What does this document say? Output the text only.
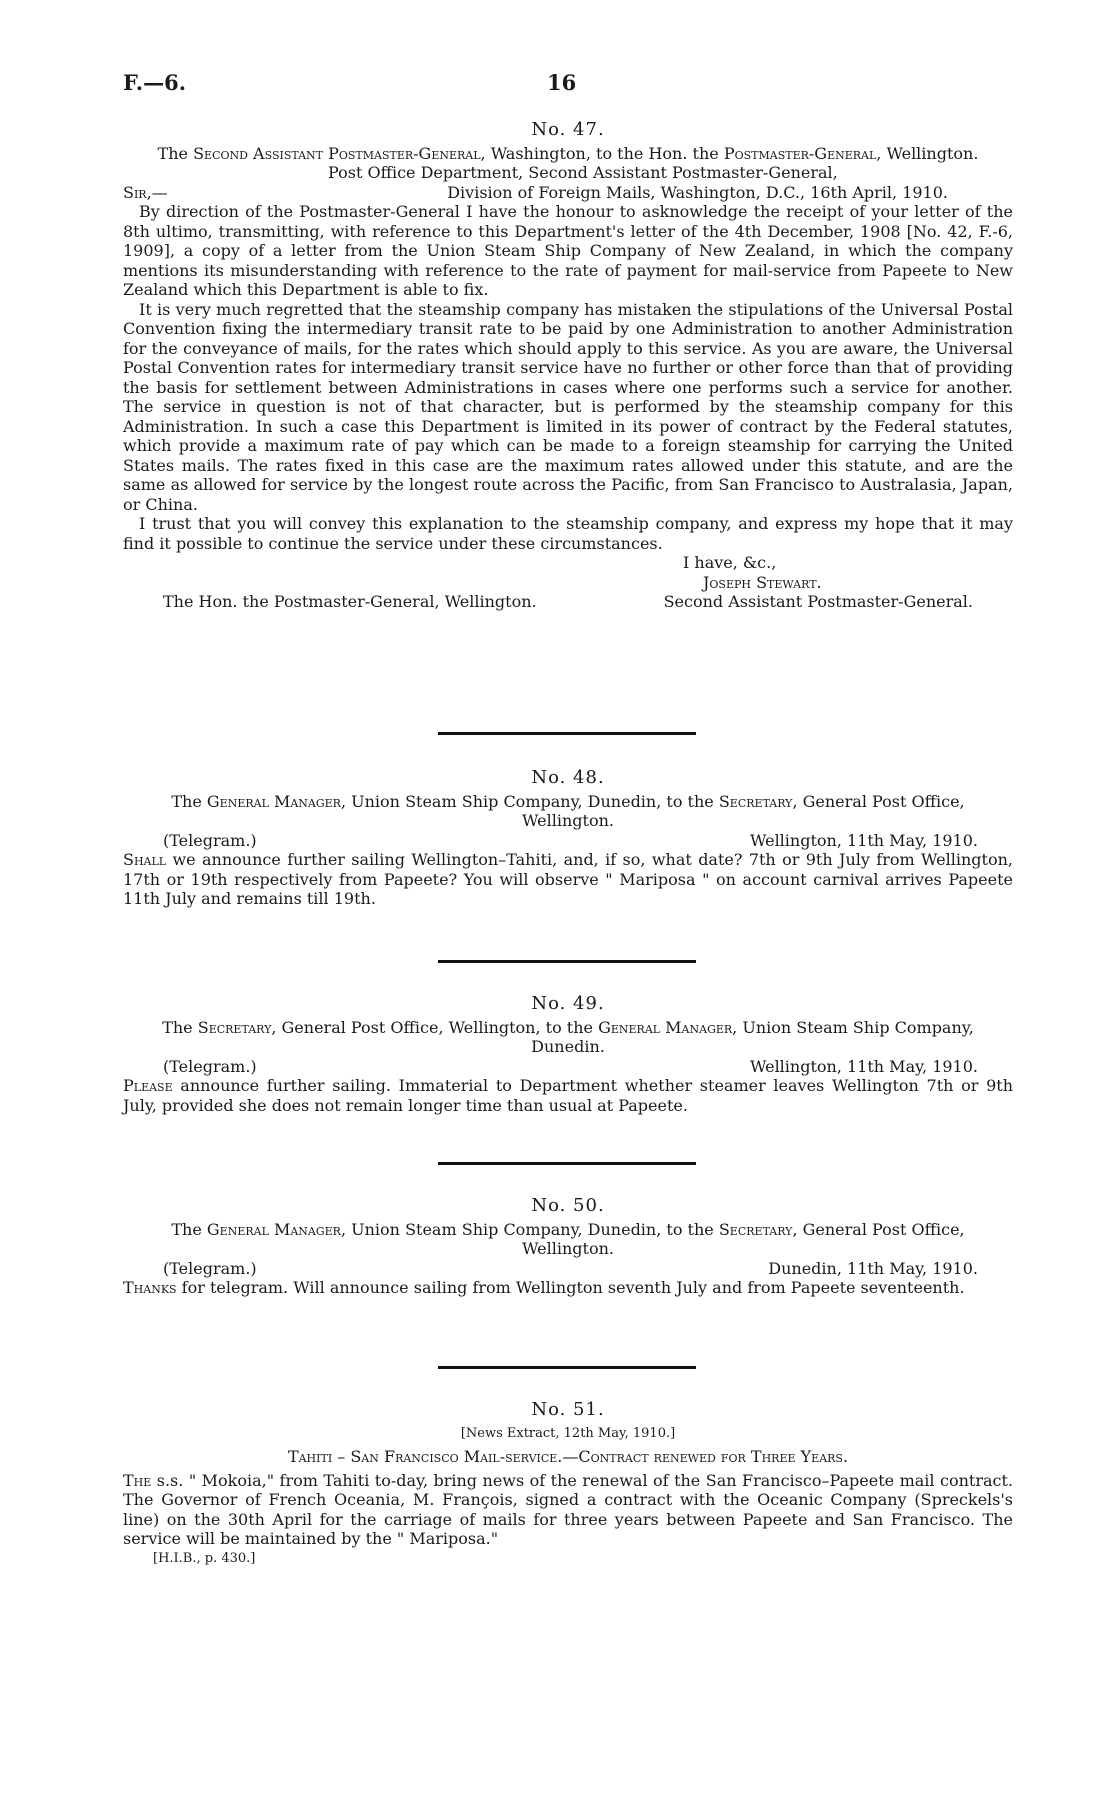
F.—6.	16

No. 47.

The Second Assistant Postmaster-General, Washington, to the Hon. the Postmaster-General, Wellington.

Post Office Department, Second Assistant Postmaster-General,

Sir,—	Division of Foreign Mails, Washington, D.C., 16th April, 1910.

By direction of the Postmaster-General I have the honour to asknowledge the receipt of your letter of the 8th ultimo, transmitting, with reference to this Department's letter of the 4th December, 1908 [No. 42, F.-6, 1909], a copy of a letter from the Union Steam Ship Company of New Zealand, in which the company mentions its misunderstanding with reference to the rate of payment for mail-service from Papeete to New Zealand which this Department is able to fix.

It is very much regretted that the steamship company has mistaken the stipulations of the Universal Postal Convention fixing the intermediary transit rate to be paid by one Administration to another Administration for the conveyance of mails, for the rates which should apply to this service. As you are aware, the Universal Postal Convention rates for intermediary transit service have no further or other force than that of providing the basis for settlement between Administrations in cases where one performs such a service for another. The service in question is not of that character, but is performed by the steamship company for this Administration. In such a case this Department is limited in its power of contract by the Federal statutes, which provide a maximum rate of pay which can be made to a foreign steamship for carrying the United States mails. The rates fixed in this case are the maximum rates allowed under this statute, and are the same as allowed for service by the longest route across the Pacific, from San Francisco to Australasia, Japan, or China.

I trust that you will convey this explanation to the steamship company, and express my hope that it may find it possible to continue the service under these circumstances.

I have, &c.,

Joseph Stewart.

The Hon. the Postmaster-General, Wellington.	Second Assistant Postmaster-General.

No. 48.

The General Manager, Union Steam Ship Company, Dunedin, to the Secretary, General Post Office, Wellington.

(Telegram.)	Wellington, 11th May, 1910.

Shall we announce further sailing Wellington–Tahiti, and, if so, what date? 7th or 9th July from Wellington, 17th or 19th respectively from Papeete? You will observe " Mariposa " on account carnival arrives Papeete 11th July and remains till 19th.

No. 49.

The Secretary, General Post Office, Wellington, to the General Manager, Union Steam Ship Company, Dunedin.

(Telegram.)	Wellington, 11th May, 1910.

Please announce further sailing. Immaterial to Department whether steamer leaves Wellington 7th or 9th July, provided she does not remain longer time than usual at Papeete.

No. 50.

The General Manager, Union Steam Ship Company, Dunedin, to the Secretary, General Post Office, Wellington.

(Telegram.)	Dunedin, 11th May, 1910.

Thanks for telegram. Will announce sailing from Wellington seventh July and from Papeete seventeenth.

No. 51.

[News Extract, 12th May, 1910.]

Tahiti – San Francisco Mail-service.—Contract renewed for Three Years.

The s.s. " Mokoia," from Tahiti to-day, bring news of the renewal of the San Francisco–Papeete mail contract. The Governor of French Oceania, M. François, signed a contract with the Oceanic Company (Spreckels's line) on the 30th April for the carriage of mails for three years between Papeete and San Francisco. The service will be maintained by the " Mariposa."

[H.I.B., p. 430.]
